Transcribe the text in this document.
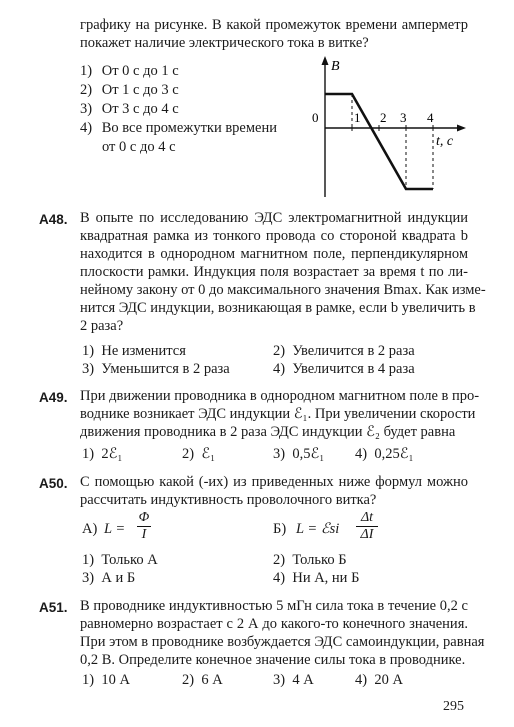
графику на рисунке. В какой промежуток времени амперметр
покажет наличие электрического тока в витке?
1) От 0 с до 1 с
2) От 1 с до 3 с
3) От 3 с до 4 с
4) Во все промежутки времени
от 0 с до 4 с
B
0	1 2 3 4
t, с
А48. В опыте по исследованию ЭДС электромагнитной индукции
квадратная рамка из тонкого провода со стороной квадрата b
находится в однородном магнитном поле, перпендикулярном
плоскости рамки. Индукция поля возрастает за время t по ли-
нейному закону от 0 до максимального значения Bmax. Как изме-
нится ЭДС индукции, возникающая в рамке, если b увеличить в
2 раза?
1) Не изменится	2) Увеличится в 2 раза
3) Уменьшится в 2 раза	4) Увеличится в 4 раза
А49. При движении проводника в однородном магнитном поле в про-
воднике возникает ЭДС индукции ℰ₁. При увеличении скорости
движения проводника в 2 раза ЭДС индукции ℰ₂ будет равна
1) 2ℰ₁	2) ℰ₁	3) 0,5ℰ₁ 4) 0,25ℰ₁
А50. С помощью какой (-их) из приведенных ниже формул можно
рассчитать индуктивность проволочного витка?
А) L =
Φ
I	Б) L = ℰsi
Δt
ΔI
1) Только А	2) Только Б
3) А и Б	4) Ни А, ни Б
А51. В проводнике индуктивностью 5 мГн сила тока в течение 0,2 с
равномерно возрастает с 2 А до какого-то конечного значения.
При этом в проводнике возбуждается ЭДС самоиндукции, равная
0,2 В. Определите конечное значение силы тока в проводнике.
1) 10 А	2) 6 А	3) 4 А	4) 20 А
295
